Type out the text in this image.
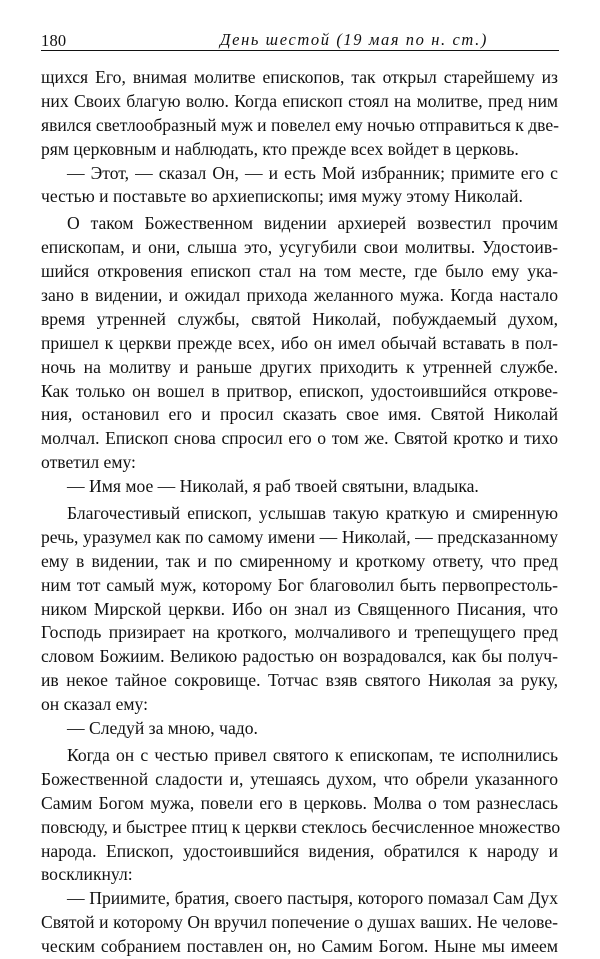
180	День шестой (19 мая по н. ст.)
щихся Его, внимая молитве епископов, так открыл старейшему из
них Своих благую волю. Когда епископ стоял на молитве, пред ним
явился светлообразный муж и повелел ему ночью отправиться к две-
рям церковным и наблюдать, кто прежде всех войдет в церковь.
— Этот, — сказал Он, — и есть Мой избранник; примите его с
честью и поставьте во архиепископы; имя мужу этому Николай.
О таком Божественном видении архиерей возвестил прочим
епископам, и они, слыша это, усугубили свои молитвы. Удостоив-
шийся откровения епископ стал на том месте, где было ему ука-
зано в видении, и ожидал прихода желанного мужа. Когда настало
время утренней службы, святой Николай, побуждаемый духом,
пришел к церкви прежде всех, ибо он имел обычай вставать в пол-
ночь на молитву и раньше других приходить к утренней службе.
Как только он вошел в притвор, епископ, удостоившийся открове-
ния, остановил его и просил сказать свое имя. Святой Николай
молчал. Епископ снова спросил его о том же. Святой кротко и тихо
ответил ему:
— Имя мое — Николай, я раб твоей святыни, владыка.
Благочестивый епископ, услышав такую краткую и смиренную
речь, уразумел как по самому имени — Николай, — предсказанному
ему в видении, так и по смиренному и кроткому ответу, что пред
ним тот самый муж, которому Бог благоволил быть первопрестоль-
ником Мирской церкви. Ибо он знал из Священного Писания, что
Господь призирает на кроткого, молчаливого и трепещущего пред
словом Божиим. Великою радостью он возрадовался, как бы получ-
ив некое тайное сокровище. Тотчас взяв святого Николая за руку,
он сказал ему:
— Следуй за мною, чадо.
Когда он с честью привел святого к епископам, те исполнились
Божественной сладости и, утешаясь духом, что обрели указанного
Самим Богом мужа, повели его в церковь. Молва о том разнеслась
повсюду, и быстрее птиц к церкви стеклось бесчисленное множество
народа. Епископ, удостоившийся видения, обратился к народу и
воскликнул:
— Приимите, братия, своего пастыря, которого помазал Сам Дух
Святой и которому Он вручил попечение о душах ваших. Не челове-
ческим собранием поставлен он, но Самим Богом. Ныне мы имеем
